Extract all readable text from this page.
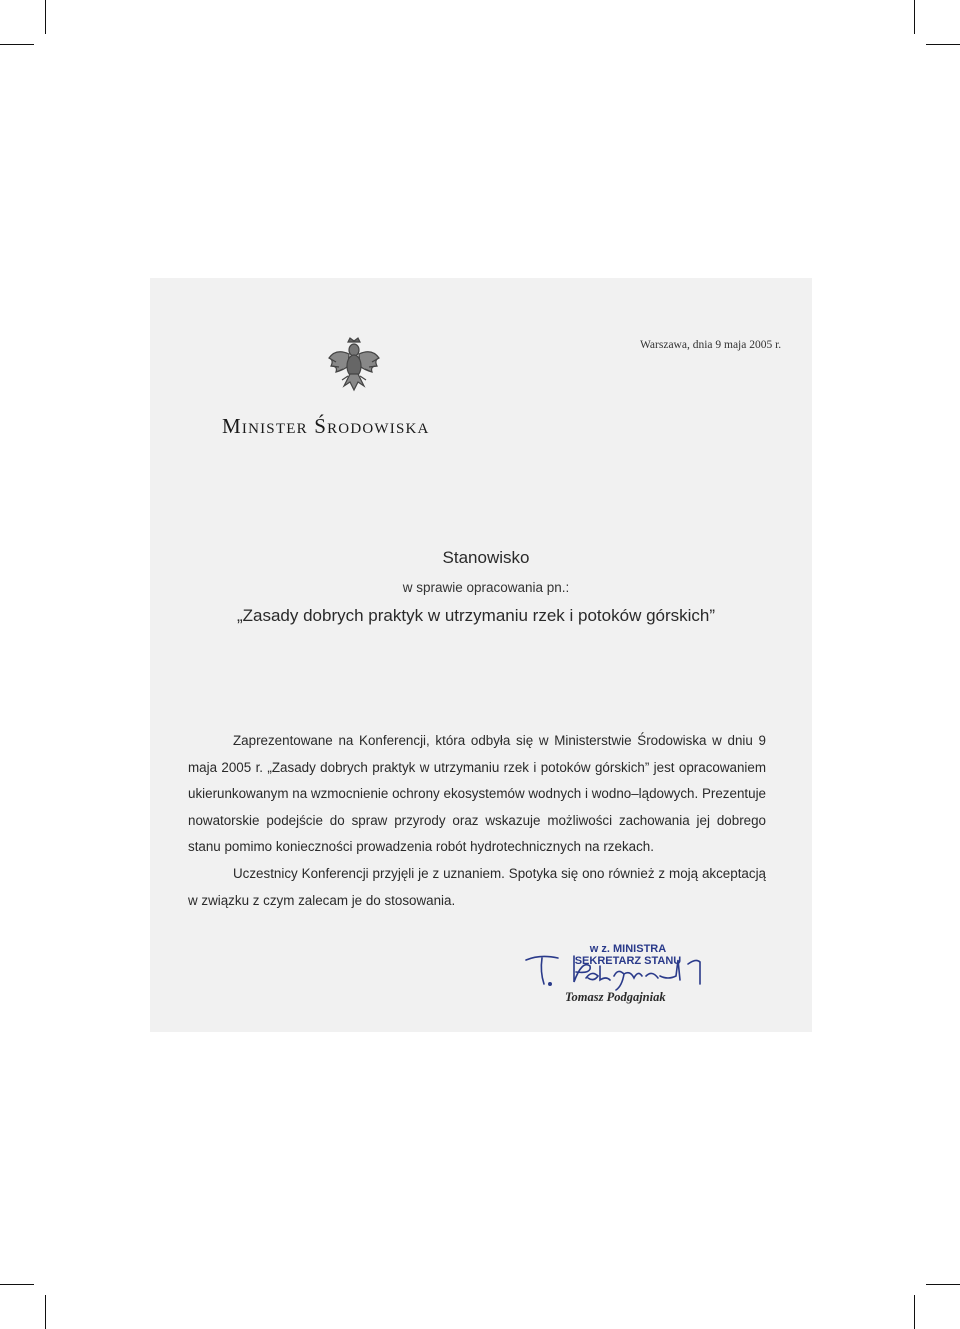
Warszawa, dnia 9 maja 2005 r.
Minister Środowiska
Stanowisko
w sprawie opracowania pn.:
„Zasady dobrych praktyk w utrzymaniu rzek i potoków górskich”

Zaprezentowane na Konferencji, która odbyła się w Ministerstwie Środowiska w dniu 9 maja 2005 r. „Zasady dobrych praktyk w utrzymaniu rzek i potoków górskich” jest opracowaniem ukierunkowanym na wzmocnienie ochrony ekosystemów wodnych i wodno–lądowych. Prezentuje nowatorskie podejście do spraw przyrody oraz wskazuje możliwości zachowania jej dobrego stanu pomimo konieczności prowadzenia robót hydrotechnicznych na rzekach.

Uczestnicy Konferencji przyjęli je z uznaniem. Spotyka się ono również z moją akceptacją w związku z czym zalecam je do stosowania.

w z. MINISTRA
SEKRETARZ STANU
Tomasz Podgajniak
